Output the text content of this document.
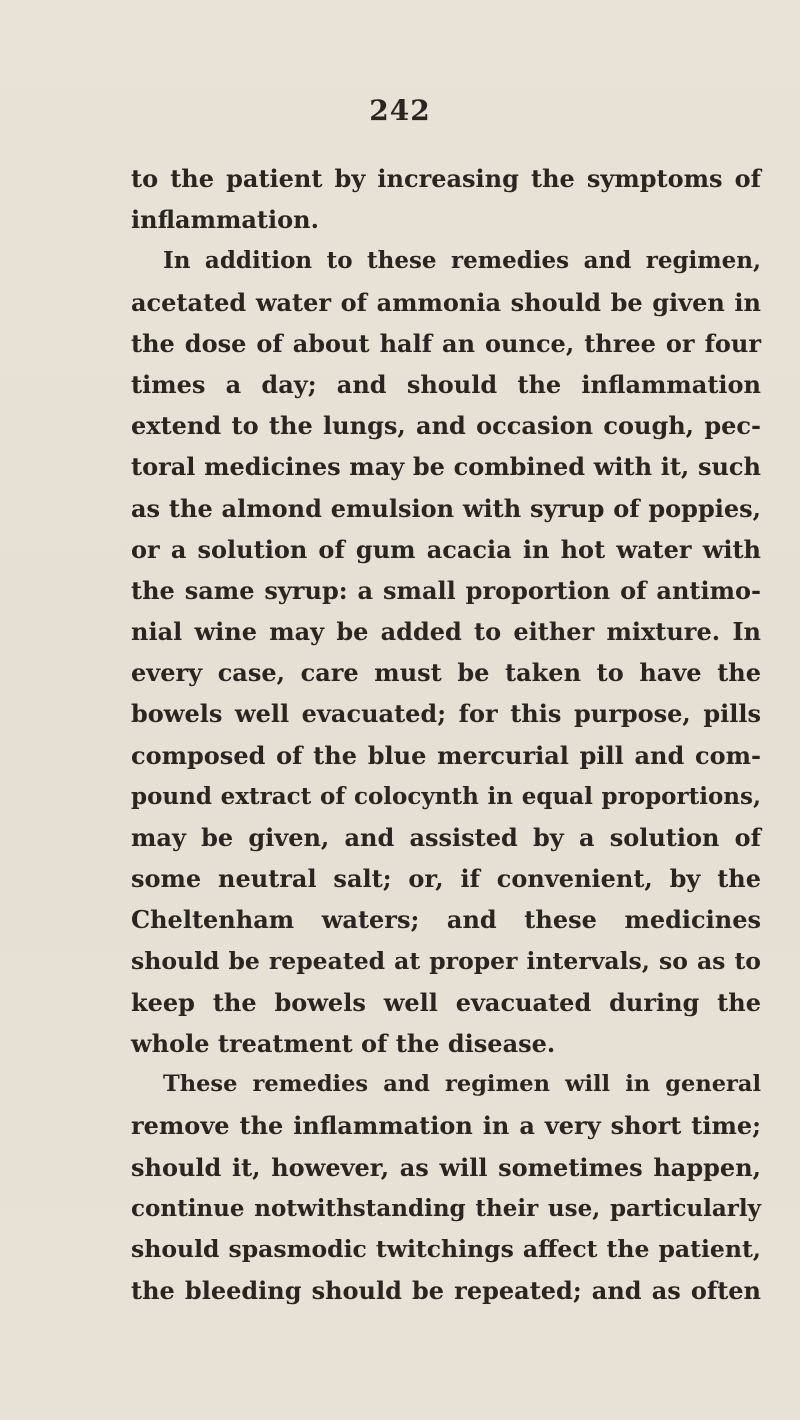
242

to the patient by increasing the symptoms of
inflammation.
In addition to these remedies and regimen,
acetated water of ammonia should be given in
the dose of about half an ounce, three or four
times a day; and should the inflammation
extend to the lungs, and occasion cough, pec-
toral medicines may be combined with it, such
as the almond emulsion with syrup of poppies,
or a solution of gum acacia in hot water with
the same syrup: a small proportion of antimo-
nial wine may be added to either mixture. In
every case, care must be taken to have the
bowels well evacuated; for this purpose, pills
composed of the blue mercurial pill and com-
pound extract of colocynth in equal proportions,
may be given, and assisted by a solution of
some neutral salt; or, if convenient, by the
Cheltenham waters; and these medicines
should be repeated at proper intervals, so as to
keep the bowels well evacuated during the
whole treatment of the disease.
These remedies and regimen will in general
remove the inflammation in a very short time;
should it, however, as will sometimes happen,
continue notwithstanding their use, particularly
should spasmodic twitchings affect the patient,
the bleeding should be repeated; and as often
